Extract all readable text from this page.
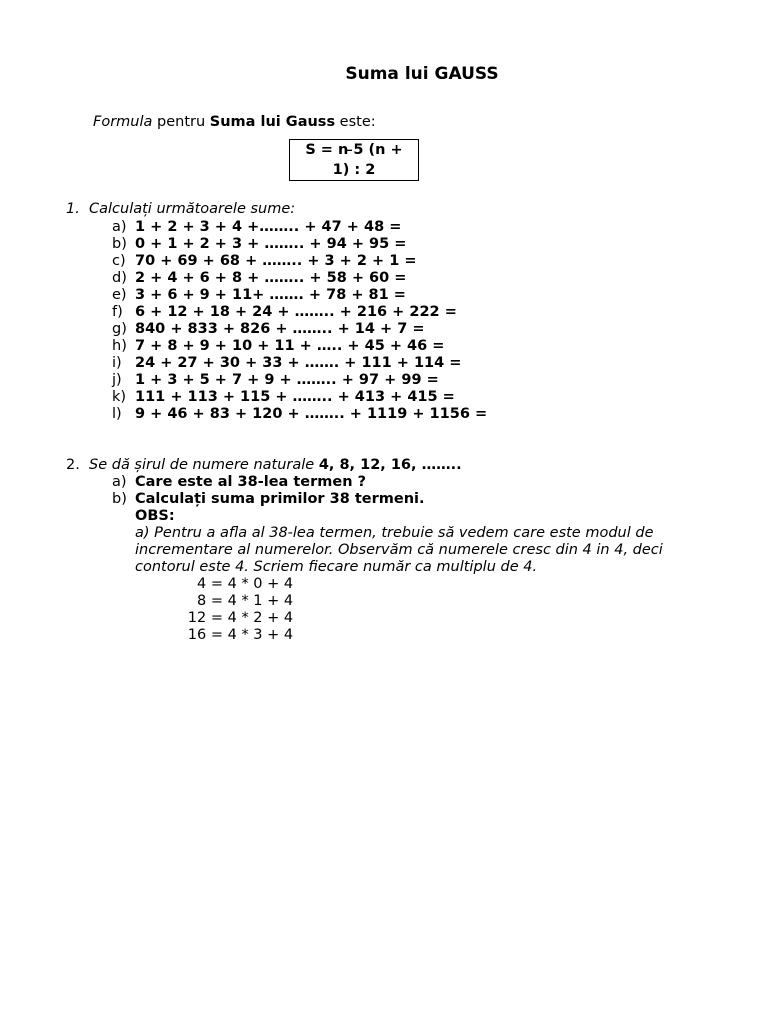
Suma lui GAUSS
Formula pentru Suma lui Gauss este:
S = n ̵5 (n +
1) : 2
1. Calculați următoarele sume:
a) 1 + 2 + 3 + 4 +…….. + 47 + 48 =
b) 0 + 1 + 2 + 3 + …….. + 94 + 95 =
c) 70 + 69 + 68 + …….. + 3 + 2 + 1 =
d) 2 + 4 + 6 + 8 + …….. + 58 + 60 =
e) 3 + 6 + 9 + 11+ ……. + 78 + 81 =
f) 6 + 12 + 18 + 24 + …….. + 216 + 222 =
g) 840 + 833 + 826 + …….. + 14 + 7 =
h) 7 + 8 + 9 + 10 + 11 + ….. + 45 + 46 =
i) 24 + 27 + 30 + 33 + ……. + 111 + 114 =
j) 1 + 3 + 5 + 7 + 9 + …….. + 97 + 99 =
k) 111 + 113 + 115 + …….. + 413 + 415 =
l) 9 + 46 + 83 + 120 + …….. + 1119 + 1156 =
2. Se dă șirul de numere naturale 4, 8, 12, 16, ……..
a) Care este al 38-lea termen ?
b) Calculați suma primilor 38 termeni.
OBS:
a) Pentru a afla al 38-lea termen, trebuie să vedem care este modul de
incrementare al numerelor. Observăm că numerele cresc din 4 in 4, deci
contorul este 4. Scriem fiecare număr ca multiplu de 4.
4 = 4 * 0 + 4
8 = 4 * 1 + 4
12 = 4 * 2 + 4
16 = 4 * 3 + 4
